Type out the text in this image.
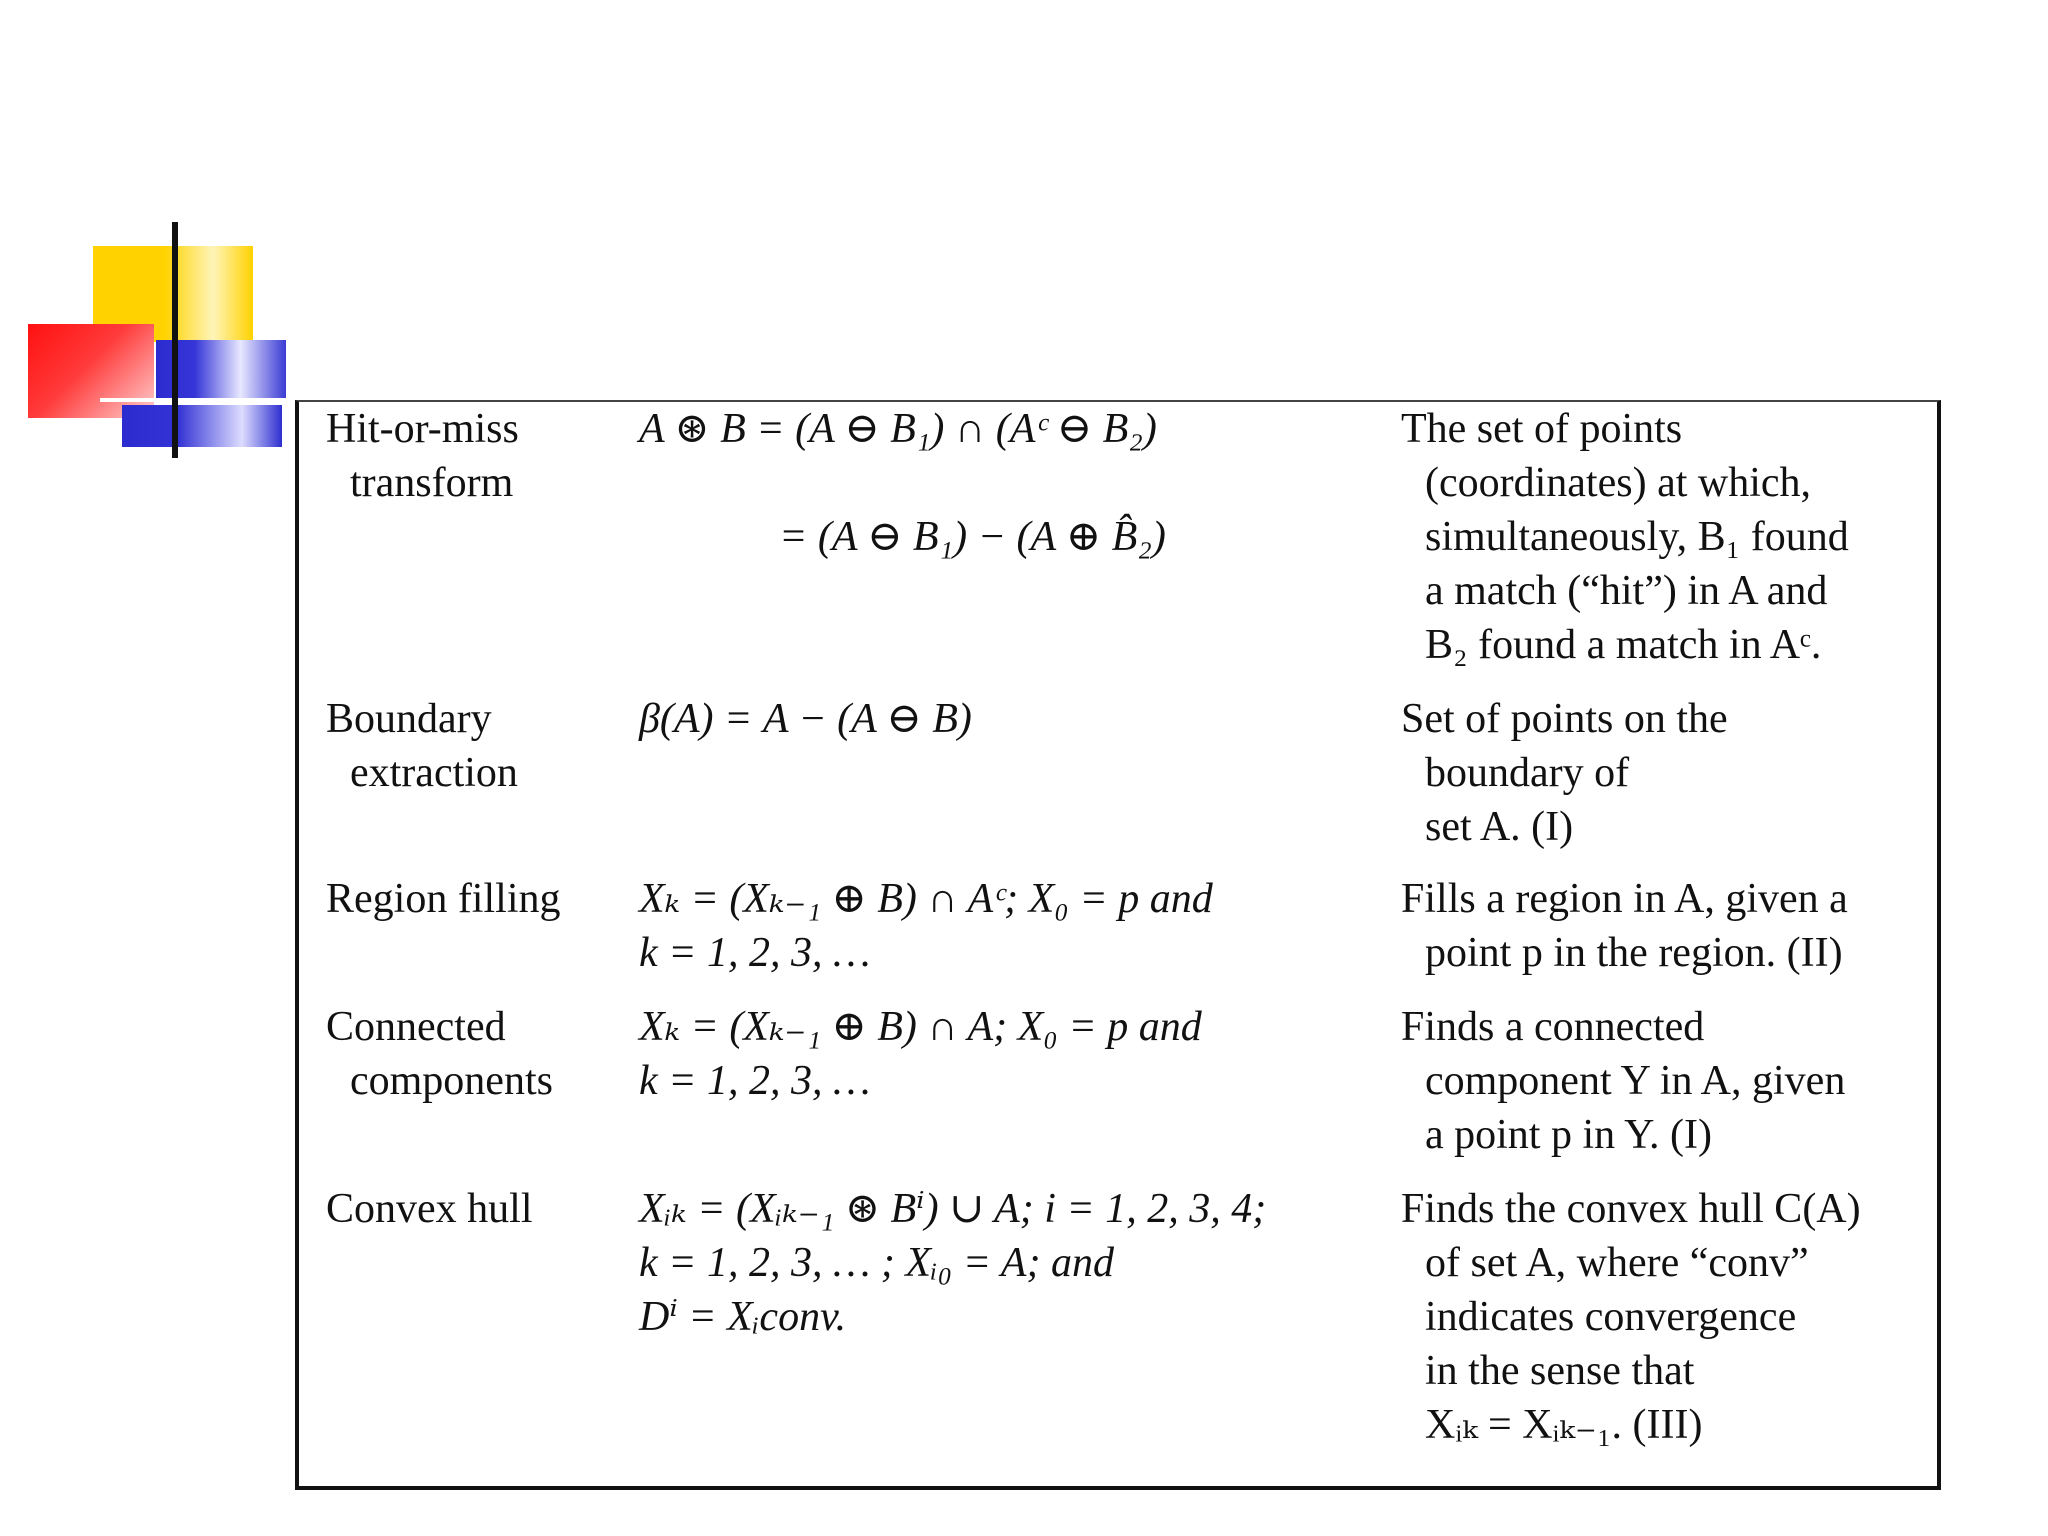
Hit-or-miss
transform
A ⊛ B = (A ⊖ B₁) ∩ (Aᶜ ⊖ B₂)
= (A ⊖ B₁) − (A ⊕ B̂₂)
The set of points
(coordinates) at which,
simultaneously, B₁ found
a match (“hit”) in A and
B₂ found a match in Aᶜ.
Boundary
extraction
β(A) = A − (A ⊖ B)	Set of points on the
boundary of
set A. (I)
Region filling Xₖ = (Xₖ₋₁ ⊕ B) ∩ Aᶜ; X₀ = p and
k = 1, 2, 3, …
Fills a region in A, given a
point p in the region. (II)
Connected
components
Xₖ = (Xₖ₋₁ ⊕ B) ∩ A; X₀ = p and
k = 1, 2, 3, …
Finds a connected
component Y in A, given
a point p in Y. (I)
Convex hull	Xᵢₖ = (Xᵢₖ₋₁ ⊛ Bⁱ) ∪ A; i = 1, 2, 3, 4;
k = 1, 2, 3, … ; Xᵢ₀ = A; and
Dⁱ = Xᵢconv.
Finds the convex hull C(A)
of set A, where “conv”
indicates convergence
in the sense that
Xᵢₖ = Xᵢₖ₋₁. (III)
